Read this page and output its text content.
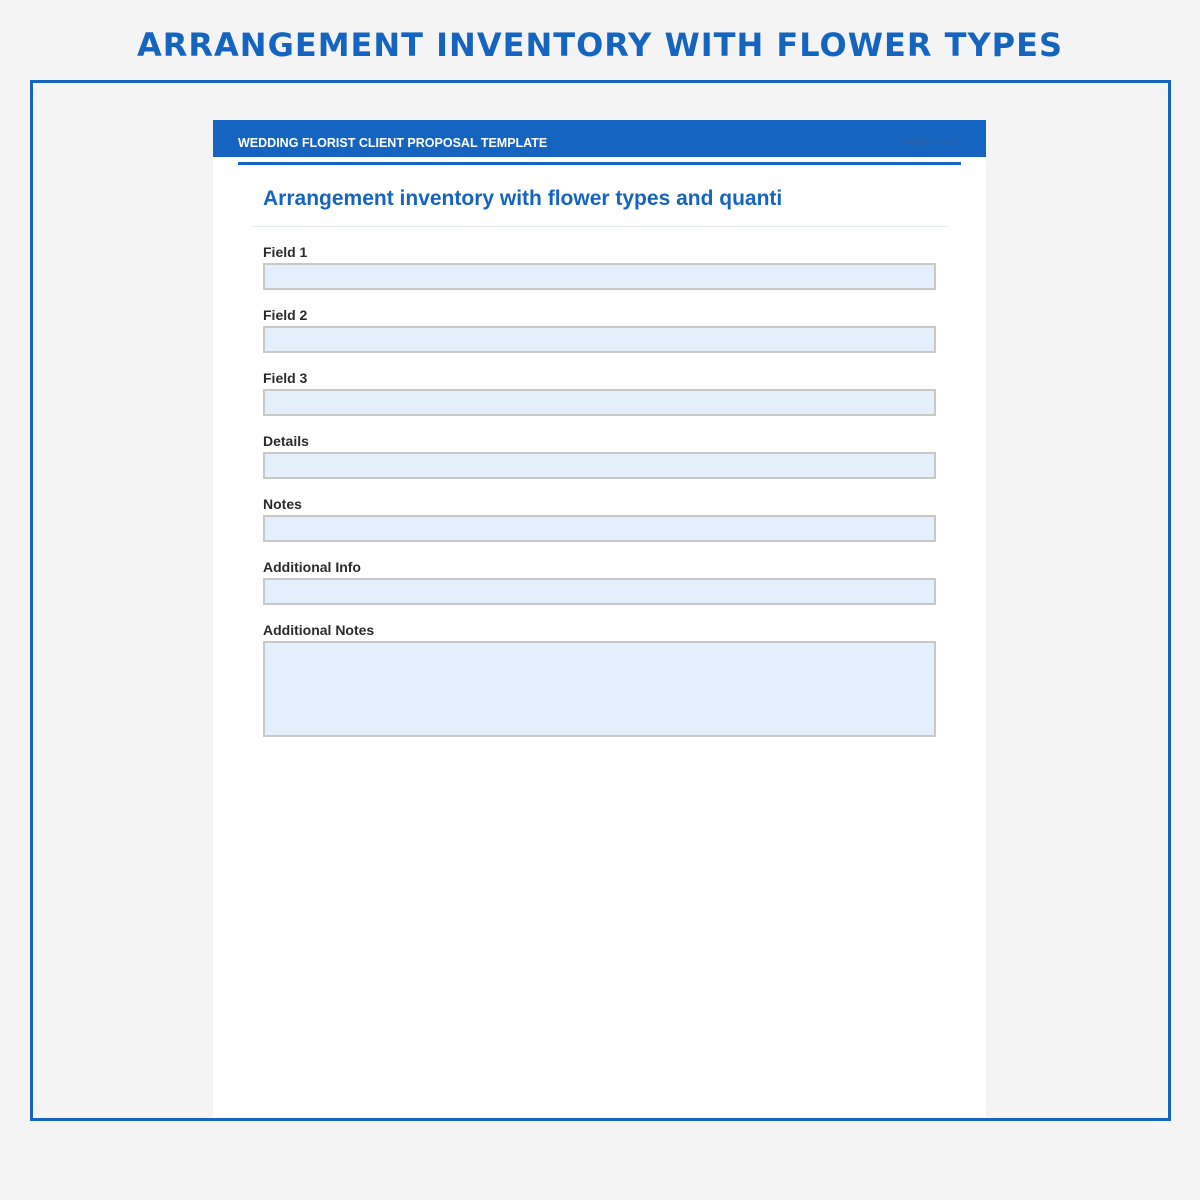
ARRANGEMENT INVENTORY WITH FLOWER TYPES
WEDDING FLORIST CLIENT PROPOSAL TEMPLATE	Page 2 of 5
Arrangement inventory with flower types and quanti
Field 1
Field 2
Field 3
Details
Notes
Additional Info
Additional Notes
